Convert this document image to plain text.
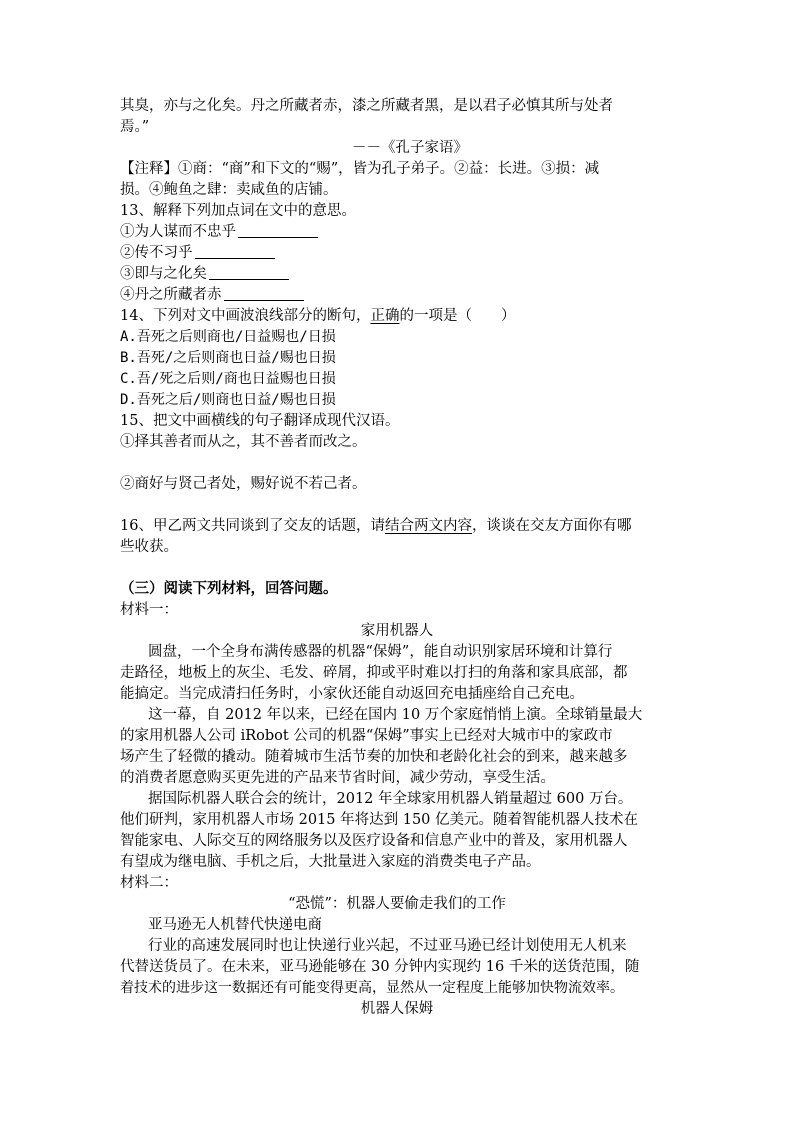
其臭，亦与之化矣。丹之所藏者赤，漆之所藏者黑，是以君子必慎其所与处者
焉。”
－－《孔子家语》
【注释】①商：“商”和下文的“赐”，皆为孔子弟子。②益：长进。③损：减
损。④鲍鱼之肆：卖咸鱼的店铺。
13、解释下列加点词在文中的意思。
①为人谋而不忠乎
②传不习乎
③即与之化矣
④丹之所藏者赤
14、下列对文中画波浪线部分的断句，正确的一项是（　　）
A.吾死之后则商也/日益赐也/日损
B.吾死/之后则商也日益/赐也日损
C.吾/死之后则/商也日益赐也日损
D.吾死之后/则商也日益/赐也日损
15、把文中画横线的句子翻译成现代汉语。
①择其善者而从之，其不善者而改之。
②商好与贤己者处，赐好说不若己者。
16、甲乙两文共同谈到了交友的话题，请结合两文内容，谈谈在交友方面你有哪
些收获。
（三）阅读下列材料，回答问题。
材料一：
家用机器人
圆盘，一个全身布满传感器的机器“保姆”，能自动识别家居环境和计算行
走路径，地板上的灰尘、毛发、碎屑，抑或平时难以打扫的角落和家具底部，都
能搞定。当完成清扫任务时，小家伙还能自动返回充电插座给自己充电。
这一幕，自 2012 年以来，已经在国内 10 万个家庭悄悄上演。全球销量最大
的家用机器人公司 iRobot 公司的机器“保姆”事实上已经对大城市中的家政市
场产生了轻微的撬动。随着城市生活节奏的加快和老龄化社会的到来，越来越多
的消费者愿意购买更先进的产品来节省时间，减少劳动，享受生活。
据国际机器人联合会的统计，2012 年全球家用机器人销量超过 600 万台。
他们研判，家用机器人市场 2015 年将达到 150 亿美元。随着智能机器人技术在
智能家电、人际交互的网络服务以及医疗设备和信息产业中的普及，家用机器人
有望成为继电脑、手机之后，大批量进入家庭的消费类电子产品。
材料二：
“恐慌”：机器人要偷走我们的工作
亚马逊无人机替代快递电商
行业的高速发展同时也让快递行业兴起，不过亚马逊已经计划使用无人机来
代替送货员了。在未来，亚马逊能够在 30 分钟内实现约 16 千米的送货范围，随
着技术的进步这一数据还有可能变得更高，显然从一定程度上能够加快物流效率。
机器人保姆
